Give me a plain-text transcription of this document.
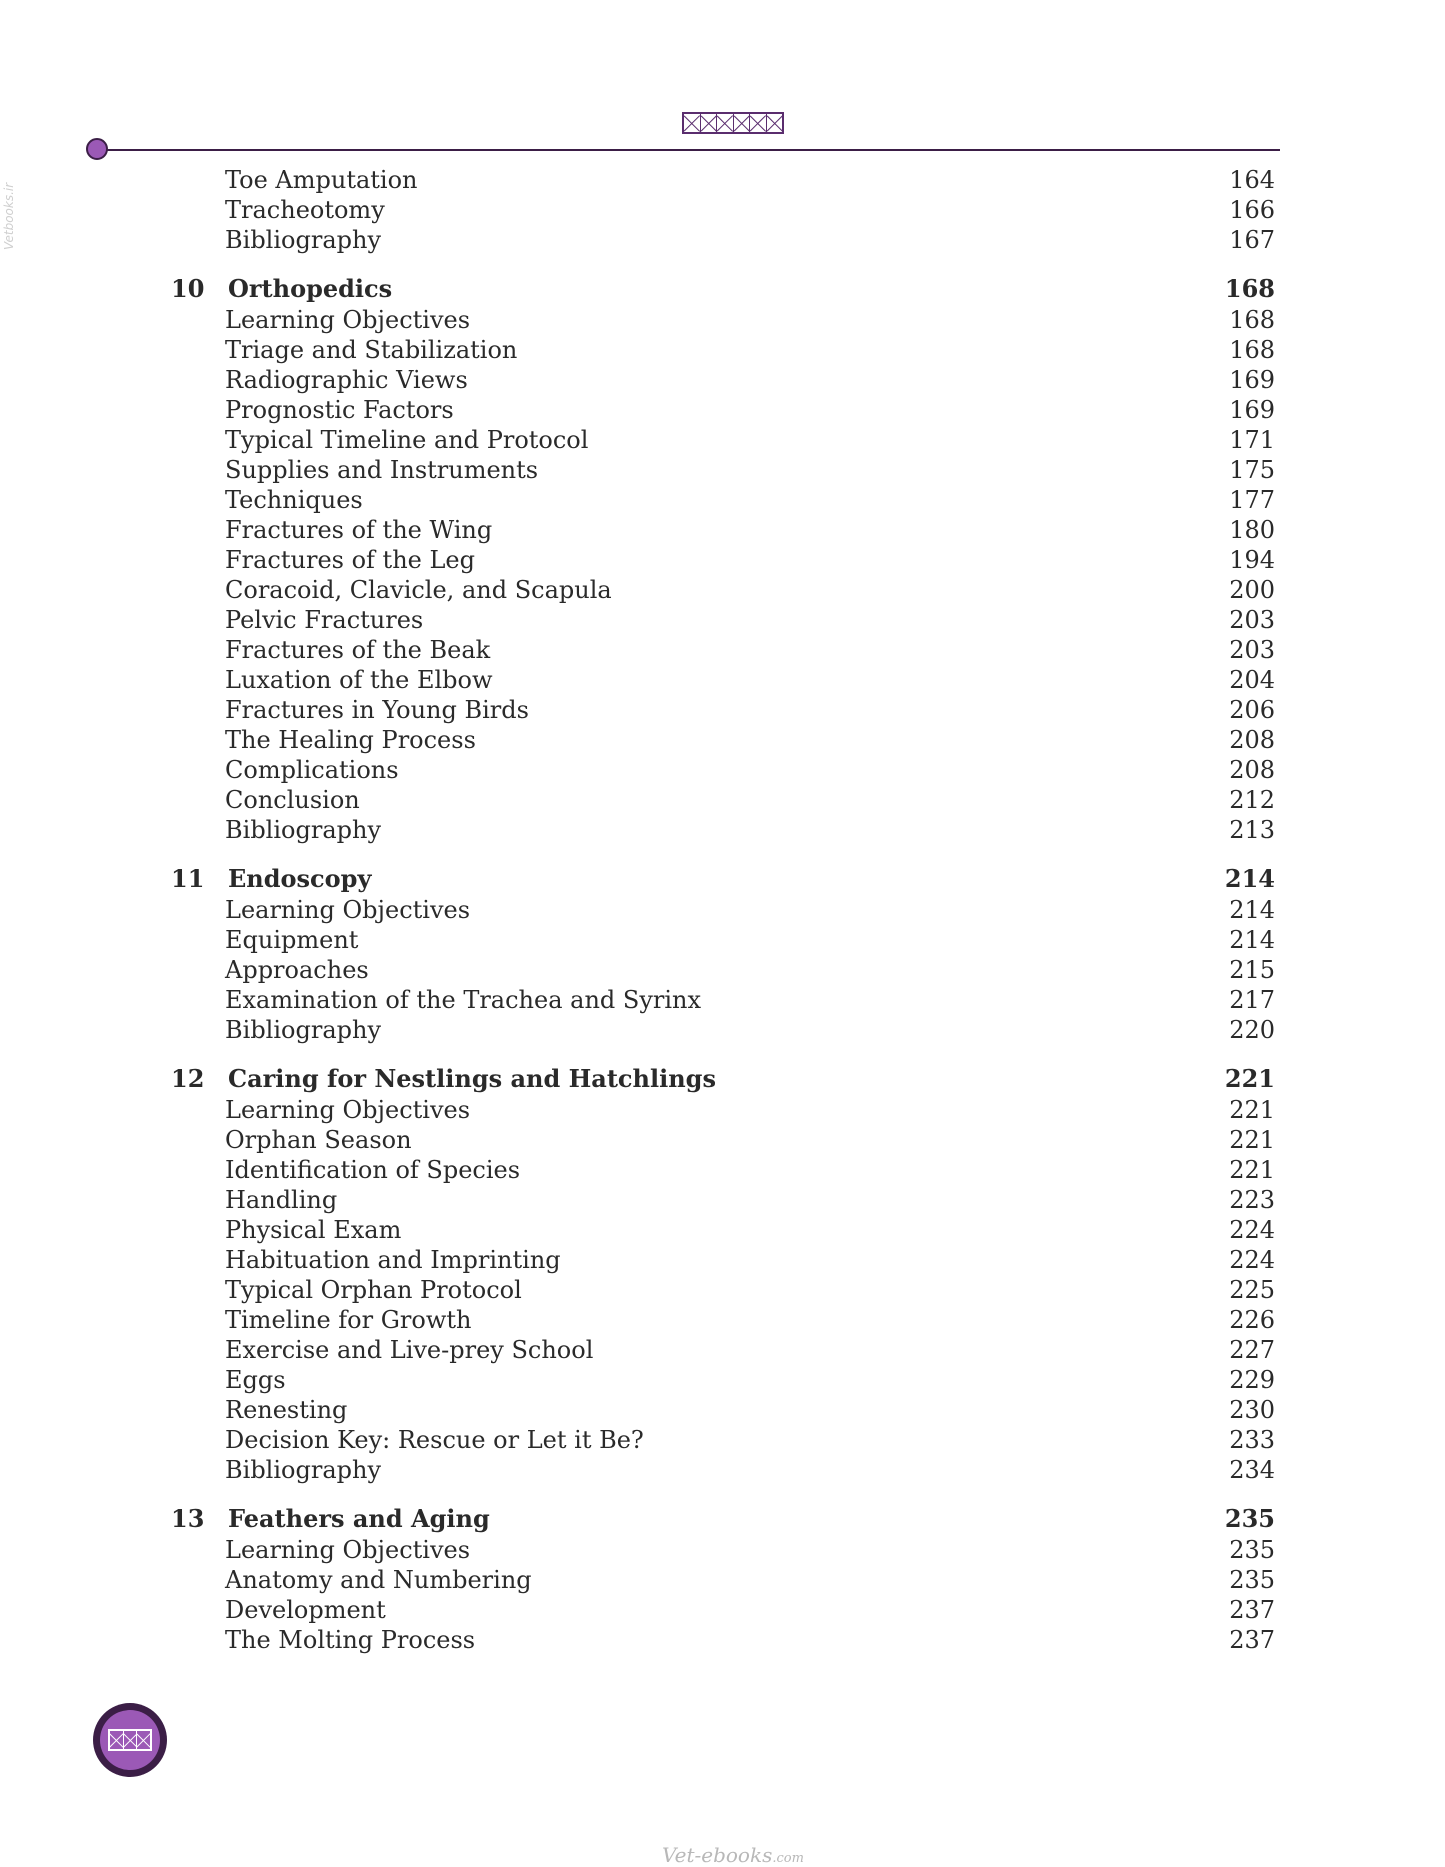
Vetbooks.ir
Toe Amputation	164
Tracheotomy	166
Bibliography	167
10 Orthopedics	168
Learning Objectives	168
Triage and Stabilization	168
Radiographic Views	169
Prognostic Factors	169
Typical Timeline and Protocol	171
Supplies and Instruments	175
Techniques	177
Fractures of the Wing	180
Fractures of the Leg	194
Coracoid, Clavicle, and Scapula	200
Pelvic Fractures	203
Fractures of the Beak	203
Luxation of the Elbow	204
Fractures in Young Birds	206
The Healing Process	208
Complications	208
Conclusion	212
Bibliography	213
11 Endoscopy	214
Learning Objectives	214
Equipment	214
Approaches	215
Examination of the Trachea and Syrinx	217
Bibliography	220
12 Caring for Nestlings and Hatchlings	221
Learning Objectives	221
Orphan Season	221
Identification of Species	221
Handling	223
Physical Exam	224
Habituation and Imprinting	224
Typical Orphan Protocol	225
Timeline for Growth	226
Exercise and Live-prey School	227
Eggs	229
Renesting	230
Decision Key: Rescue or Let it Be?	233
Bibliography	234
13 Feathers and Aging	235
Learning Objectives	235
Anatomy and Numbering	235
Development	237
The Molting Process	237
Vet-ebooks.com
